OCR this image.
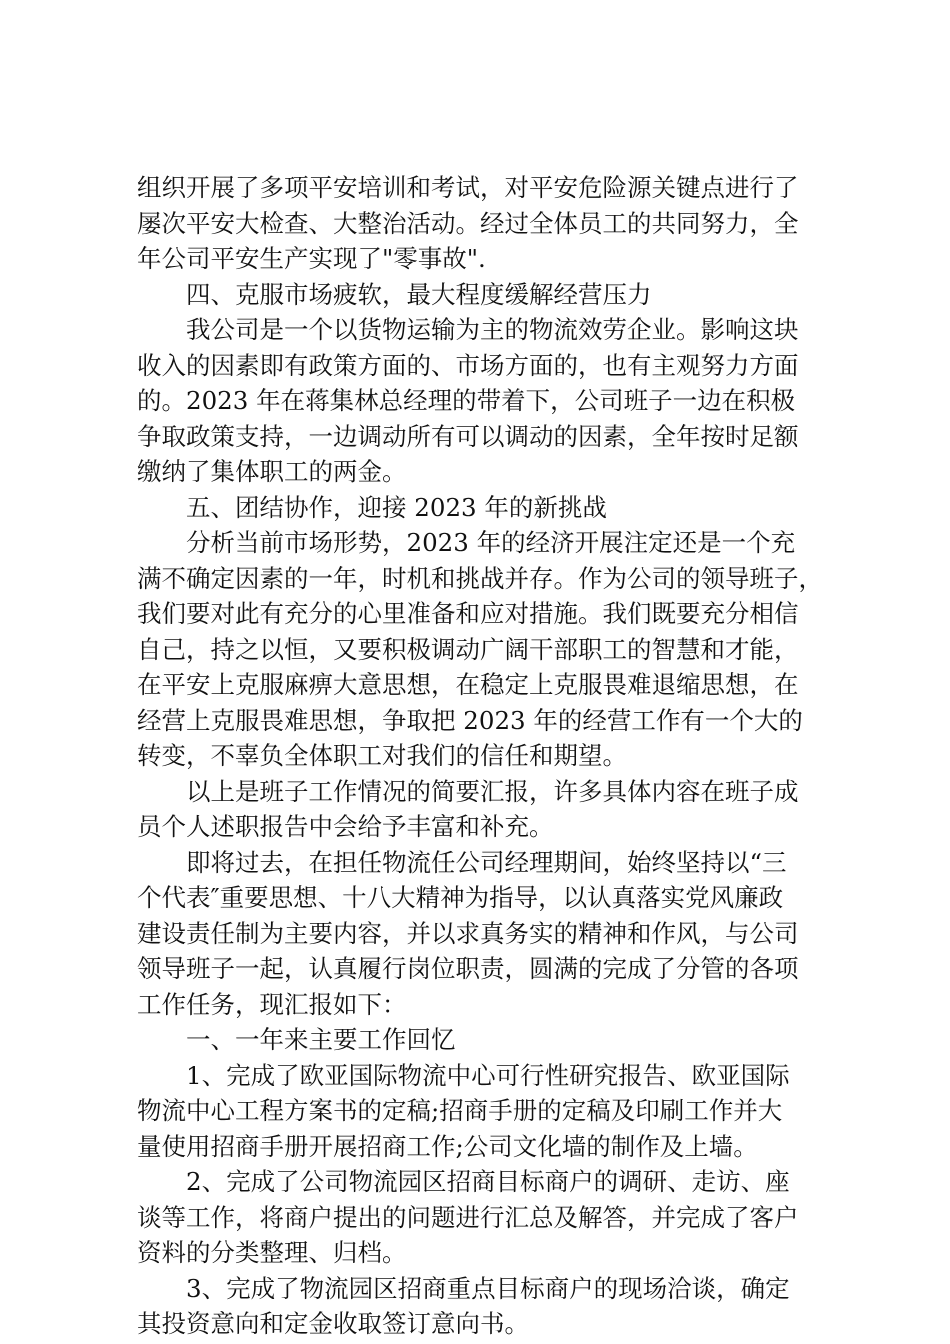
组织开展了多项平安培训和考试，对平安危险源关键点进行了
屡次平安大检查、大整治活动。经过全体员工的共同努力，全
年公司平安生产实现了"零事故".
四、克服市场疲软，最大程度缓解经营压力
我公司是一个以货物运输为主的物流效劳企业。影响这块
收入的因素即有政策方面的、市场方面的，也有主观努力方面
的。2023 年在蒋集林总经理的带着下，公司班子一边在积极
争取政策支持，一边调动所有可以调动的因素，全年按时足额
缴纳了集体职工的两金。
五、团结协作，迎接 2023 年的新挑战
分析当前市场形势，2023 年的经济开展注定还是一个充
满不确定因素的一年，时机和挑战并存。作为公司的领导班子，
我们要对此有充分的心里准备和应对措施。我们既要充分相信
自己，持之以恒，又要积极调动广阔干部职工的智慧和才能，
在平安上克服麻痹大意思想，在稳定上克服畏难退缩思想，在
经营上克服畏难思想，争取把 2023 年的经营工作有一个大的
转变，不辜负全体职工对我们的信任和期望。
以上是班子工作情况的简要汇报，许多具体内容在班子成
员个人述职报告中会给予丰富和补充。
即将过去，在担任物流任公司经理期间，始终坚持以“三
个代表″重要思想、十八大精神为指导，以认真落实党风廉政
建设责任制为主要内容，并以求真务实的精神和作风，与公司
领导班子一起，认真履行岗位职责，圆满的完成了分管的各项
工作任务，现汇报如下：
一、一年来主要工作回忆
1、完成了欧亚国际物流中心可行性研究报告、欧亚国际
物流中心工程方案书的定稿;招商手册的定稿及印刷工作并大
量使用招商手册开展招商工作;公司文化墙的制作及上墙。
2、完成了公司物流园区招商目标商户的调研、走访、座
谈等工作，将商户提出的问题进行汇总及解答，并完成了客户
资料的分类整理、归档。
3、完成了物流园区招商重点目标商户的现场洽谈，确定
其投资意向和定金收取签订意向书。
